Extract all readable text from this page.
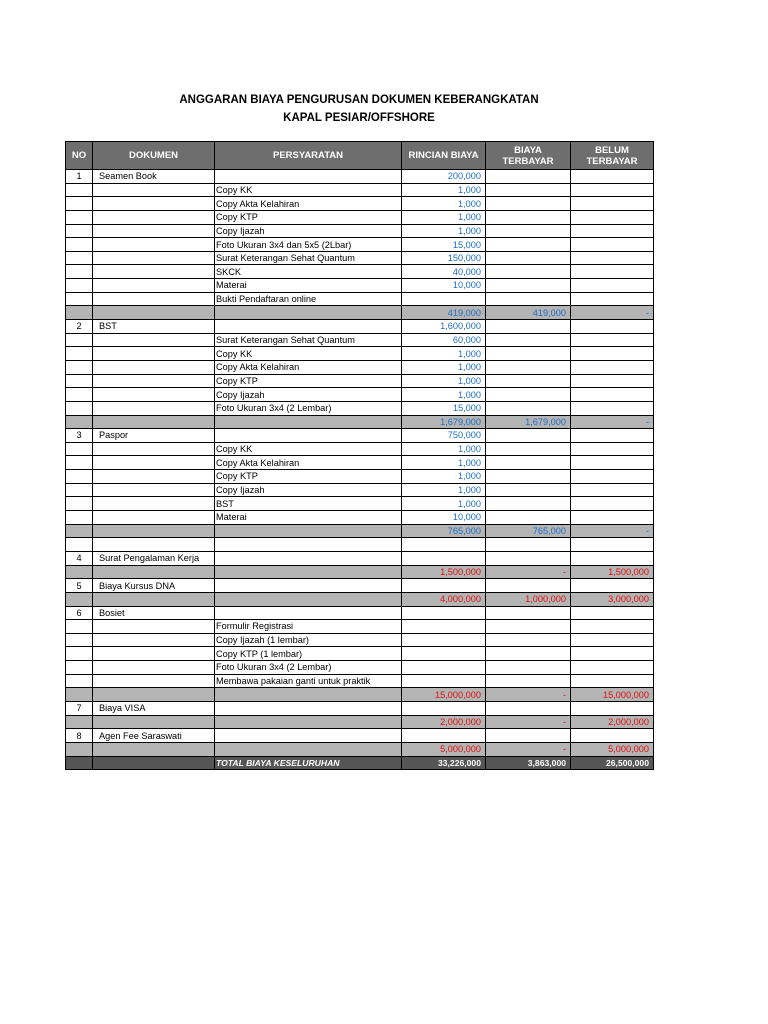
ANGGARAN BIAYA PENGURUSAN DOKUMEN KEBERANGKATAN
KAPAL PESIAR/OFFSHORE
NO	DOKUMEN	PERSYARATAN	RINCIAN BIAYA	BIAYA TERBAYAR	BELUM TERBAYAR
1	Seamen Book		200,000		
		Copy KK	1,000		
		Copy Akta Kelahiran	1,000		
		Copy KTP	1,000		
		Copy Ijazah	1,000		
		Foto Ukuran 3x4 dan 5x5 (2Lbar)	15,000		
		Surat Keterangan Sehat Quantum	150,000		
		SKCK	40,000		
		Materai	10,000		
		Bukti Pendaftaran online			
			419,000	419,000	-
2	BST		1,600,000		
		Surat Keterangan Sehat Quantum	60,000		
		Copy KK	1,000		
		Copy Akta Kelahiran	1,000		
		Copy KTP	1,000		
		Copy Ijazah	1,000		
		Foto Ukuran 3x4 (2 Lembar)	15,000		
			1,679,000	1,679,000	-
3	Paspor		750,000		
		Copy KK	1,000		
		Copy Akta Kelahiran	1,000		
		Copy KTP	1,000		
		Copy Ijazah	1,000		
		BST	1,000		
		Materai	10,000		
			765,000	765,000	-

4	Surat Pengalaman Kerja				
			1,500,000	-	1,500,000
5	Biaya Kursus DNA				
			4,000,000	1,000,000	3,000,000
6	Bosiet				
		Formulir Registrasi			
		Copy Ijazah (1 lembar)			
		Copy KTP (1 lembar)			
		Foto Ukuran 3x4 (2 Lembar)			
		Membawa pakaian ganti untuk praktik			
			15,000,000	-	15,000,000
7	Biaya VISA				
			2,000,000	-	2,000,000
8	Agen Fee Saraswati				
			5,000,000	-	5,000,000
		TOTAL BIAYA KESELURUHAN	33,226,000	3,863,000	26,500,000
